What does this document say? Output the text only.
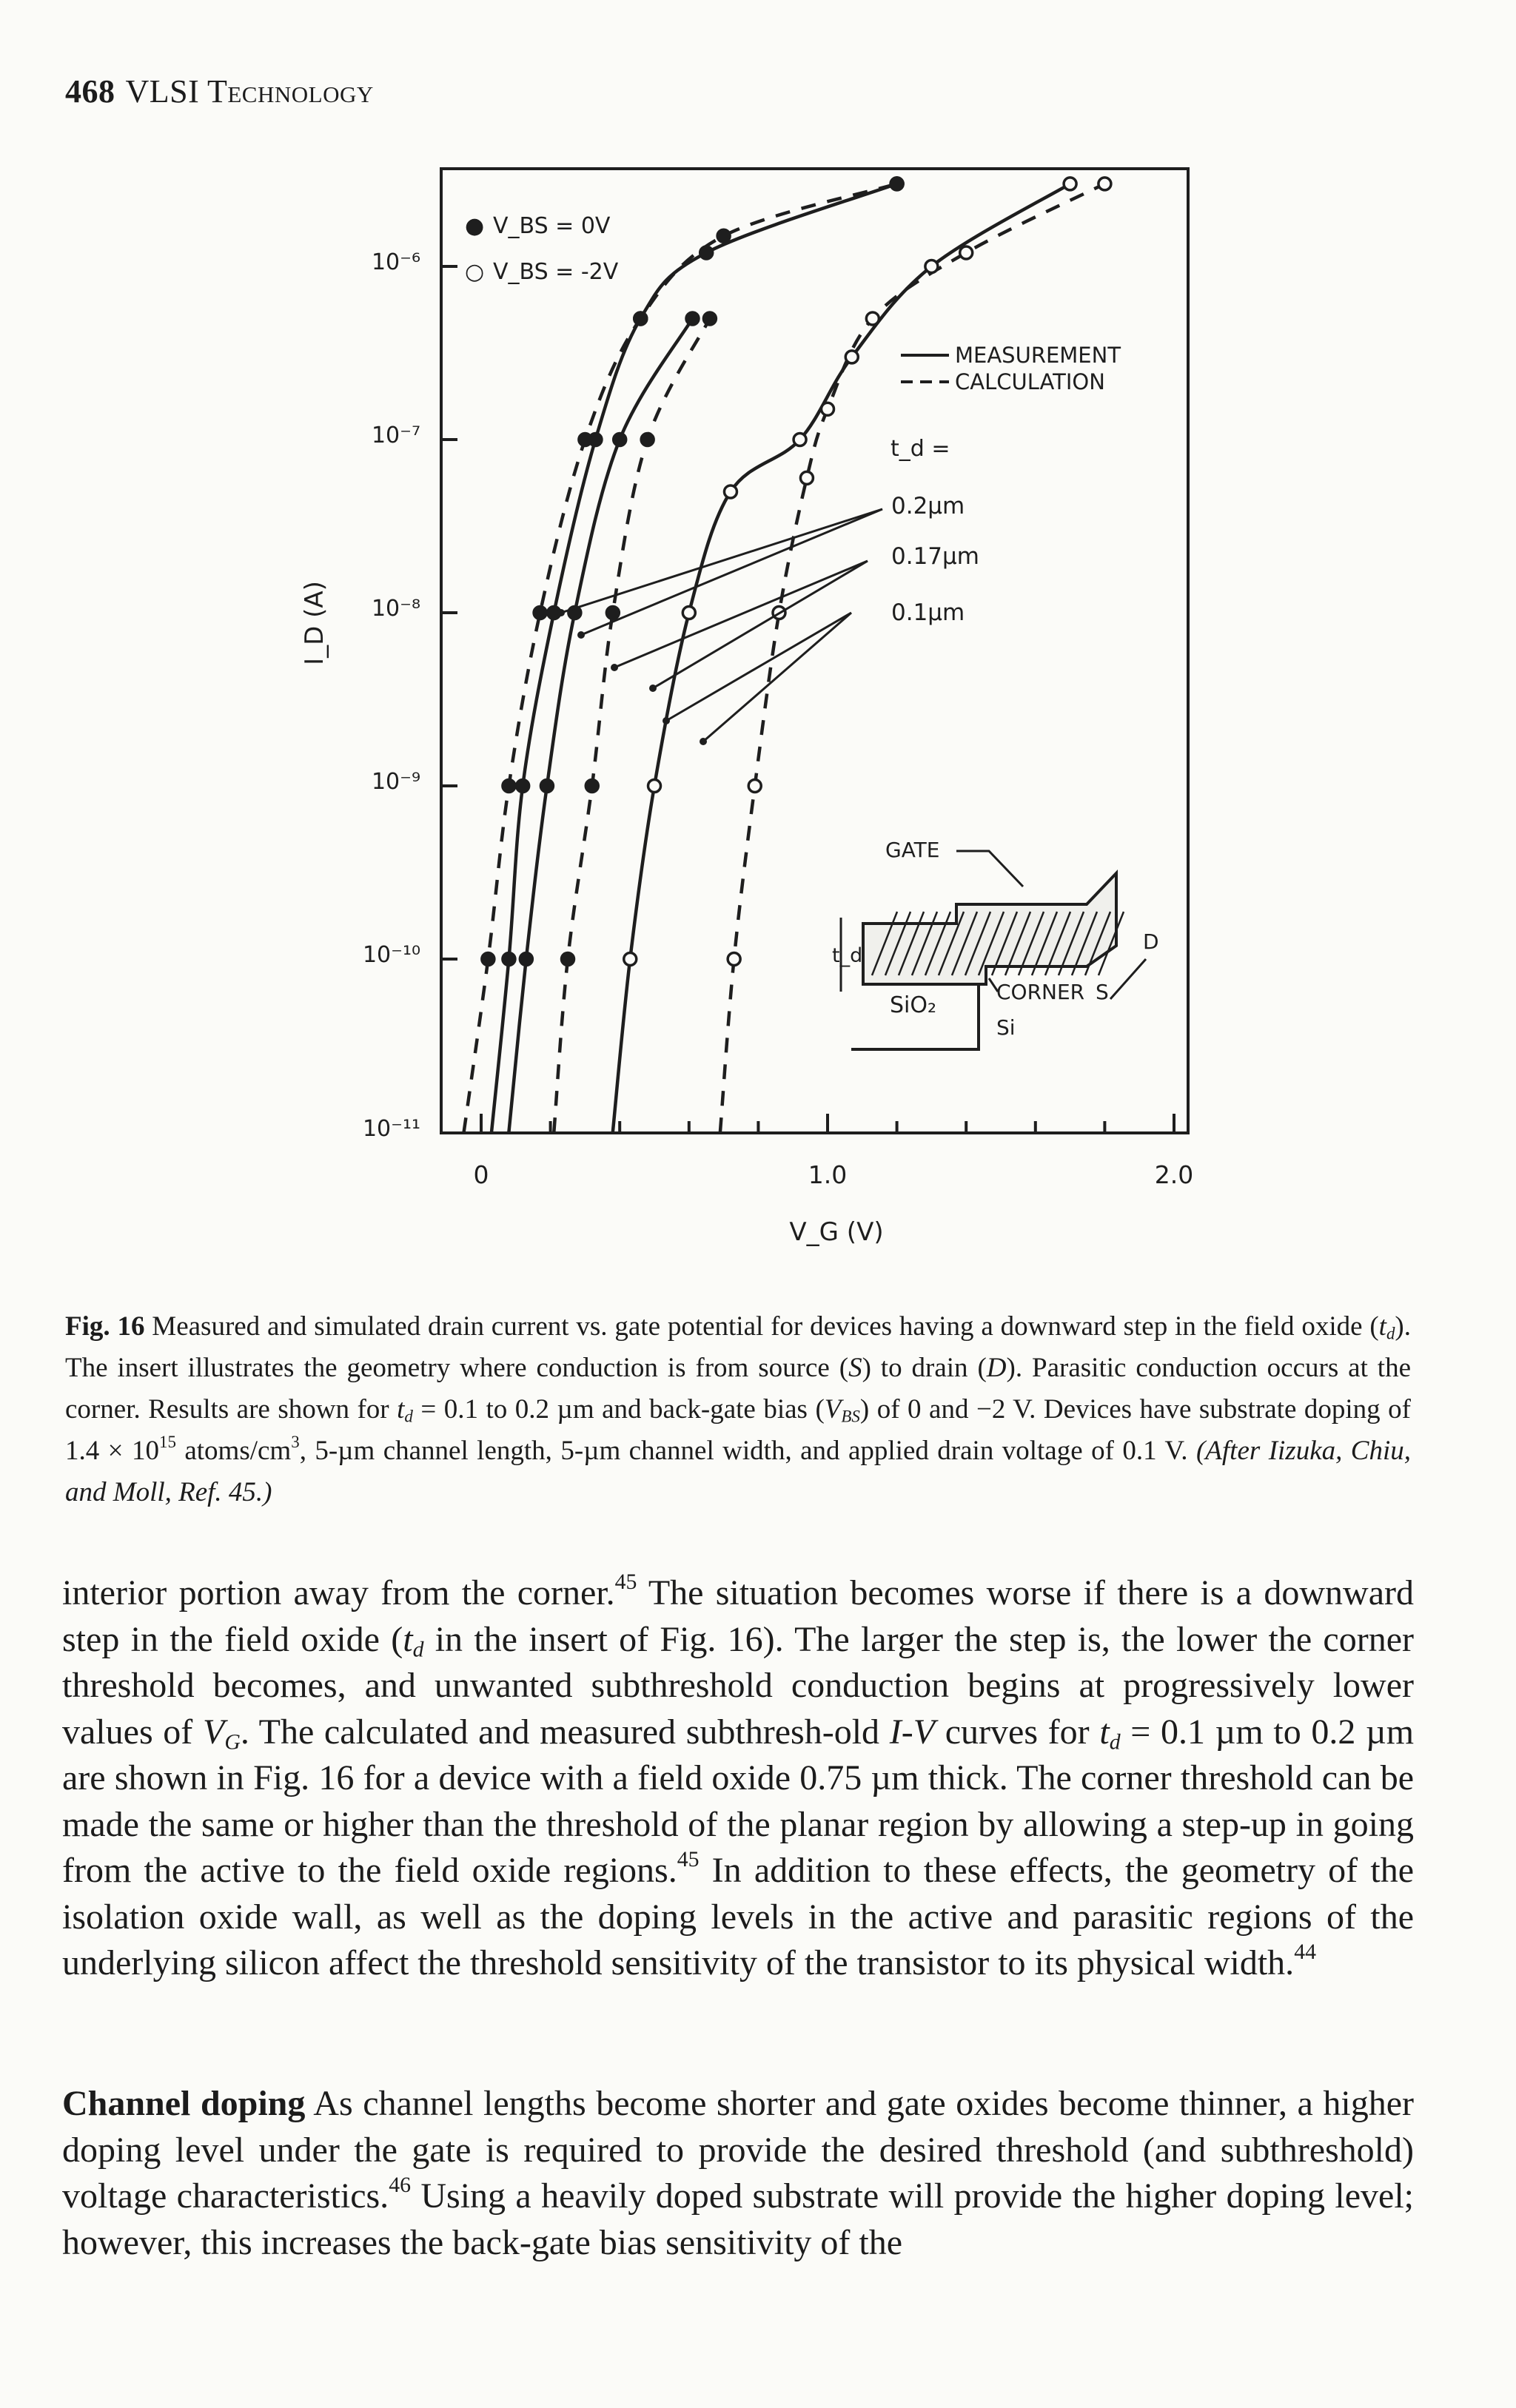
468 VLSI Technology
10⁻⁶
10⁻⁷
10⁻⁸
10⁻⁹
10⁻¹⁰
10⁻¹¹
0	1.0	2.0
I_D (A)
V_G (V)
● V_BS = 0V
○ V_BS = -2V
MEASUREMENT
CALCULATION
t_d =
0.2µm
0.17µm
0.1µm
GATE
t_d
SiO₂
CORNER
Si
S
D
Fig. 16 Measured and simulated drain current vs. gate potential for devices having a downward step in the field oxide $(t_d)$. The insert illustrates the geometry where conduction is from source (S) to drain (D). Parasitic conduction occurs at the corner. Results are shown for $t_d = 0.1$ to 0.2 µm and back-gate bias $(V_{BS})$ of 0 and −2 V. Devices have substrate doping of $1.4 \times 10^{15}$ atoms/$cm^3$, 5-µm channel length, 5-µm channel width, and applied drain voltage of 0.1 V. (After Iizuka, Chiu, and Moll, Ref. 45.)
interior portion away from the corner.$^{45}$ The situation becomes worse if there is a downward step in the field oxide ($t_d$ in the insert of Fig. 16). The larger the step is, the lower the corner threshold becomes, and unwanted subthreshold conduction begins at progressively lower values of $V_G$. The calculated and measured subthresh-old I-V curves for $t_d = 0.1$ µm to 0.2 µm are shown in Fig. 16 for a device with a field oxide 0.75 µm thick. The corner threshold can be made the same or higher than the threshold of the planar region by allowing a step-up in going from the active to the field oxide regions.$^{45}$ In addition to these effects, the geometry of the isolation oxide wall, as well as the doping levels in the active and parasitic regions of the underlying silicon affect the threshold sensitivity of the transistor to its physical width.$^{44}$
Channel doping As channel lengths become shorter and gate oxides become thinner, a higher doping level under the gate is required to provide the desired threshold (and subthreshold) voltage characteristics.$^{46}$ Using a heavily doped substrate will provide the higher doping level; however, this increases the back-gate bias sensitivity of the
